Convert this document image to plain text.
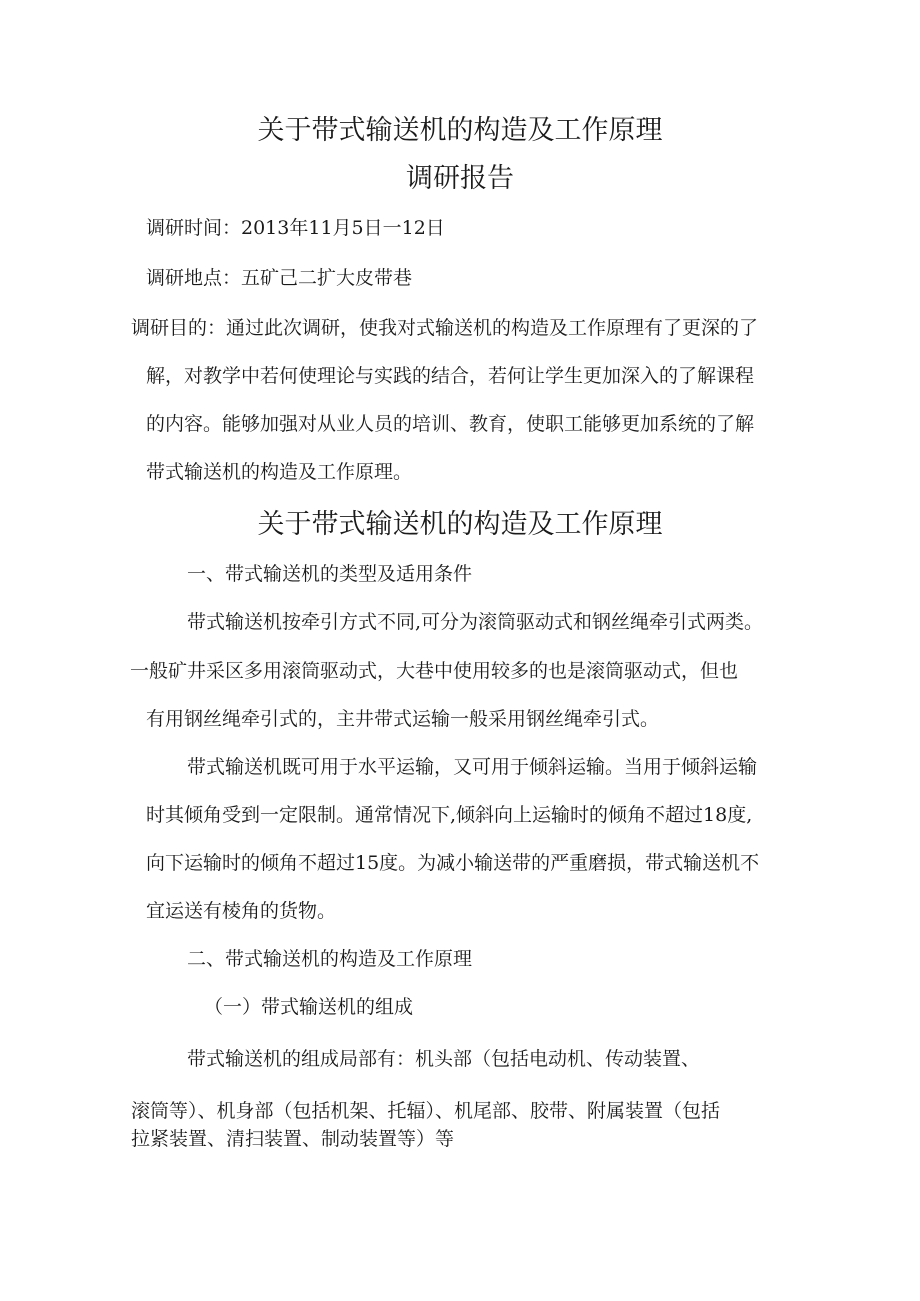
关于带式输送机的构造及工作原理
调研报告
调研时间：2013年11月5日一12日
调研地点：五矿己二扩大皮带巷
调研目的：通过此次调研，使我对式输送机的构造及工作原理有了更深的了
解，对教学中若何使理论与实践的结合，若何让学生更加深入的了解课程
的内容。能够加强对从业人员的培训、教育，使职工能够更加系统的了解
带式输送机的构造及工作原理。
关于带式输送机的构造及工作原理
一、带式输送机的类型及适用条件
带式输送机按牵引方式不同,可分为滚筒驱动式和钢丝绳牵引式两类。
一般矿井采区多用滚筒驱动式，大巷中使用较多的也是滚筒驱动式，但也
有用钢丝绳牵引式的，主井带式运输一般采用钢丝绳牵引式。
带式输送机既可用于水平运输，又可用于倾斜运输。当用于倾斜运输
时其倾角受到一定限制。通常情况下,倾斜向上运输时的倾角不超过18度,
向下运输时的倾角不超过15度。为减小输送带的严重磨损，带式输送机不
宜运送有棱角的货物。
二、带式输送机的构造及工作原理
（一）带式输送机的组成
带式输送机的组成局部有：机头部（包括电动机、传动装置、
滚筒等）、机身部（包括机架、托辐）、机尾部、胶带、附属装置（包括
拉紧装置、清扫装置、制动装置等）等
